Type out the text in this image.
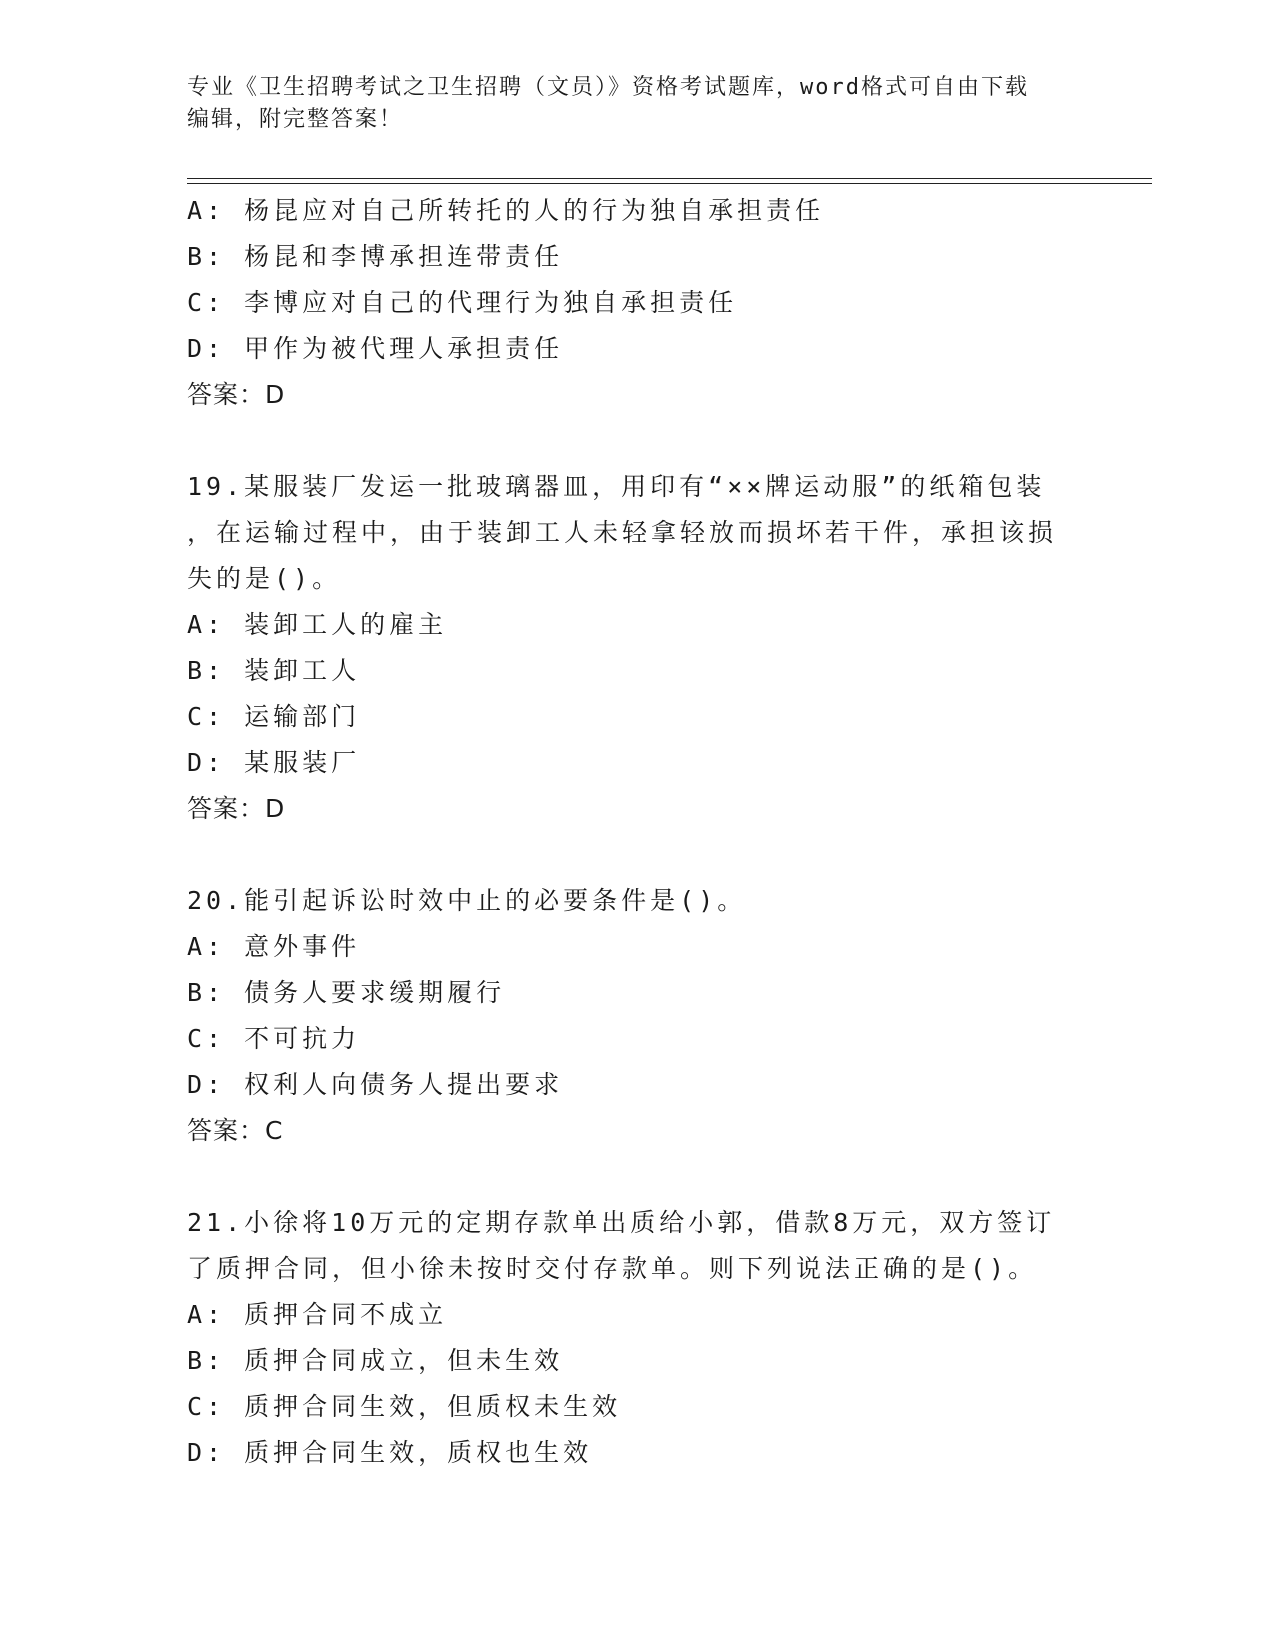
专业《卫生招聘考试之卫生招聘（文员）》资格考试题库，word格式可自由下载

编辑，附完整答案！

A: 杨昆应对自己所转托的人的行为独自承担责任

B: 杨昆和李博承担连带责任

C: 李博应对自己的代理行为独自承担责任

D: 甲作为被代理人承担责任

答案：D

19.某服装厂发运一批玻璃器皿，用印有“××牌运动服”的纸箱包装

，在运输过程中，由于装卸工人未轻拿轻放而损坏若干件，承担该损

失的是()。

A: 装卸工人的雇主

B: 装卸工人

C: 运输部门

D: 某服装厂

答案：D

20.能引起诉讼时效中止的必要条件是()。

A: 意外事件

B: 债务人要求缓期履行

C: 不可抗力

D: 权利人向债务人提出要求

答案：C

21.小徐将10万元的定期存款单出质给小郭，借款8万元，双方签订

了质押合同，但小徐未按时交付存款单。则下列说法正确的是()。

A: 质押合同不成立

B: 质押合同成立，但未生效

C: 质押合同生效，但质权未生效

D: 质押合同生效，质权也生效
